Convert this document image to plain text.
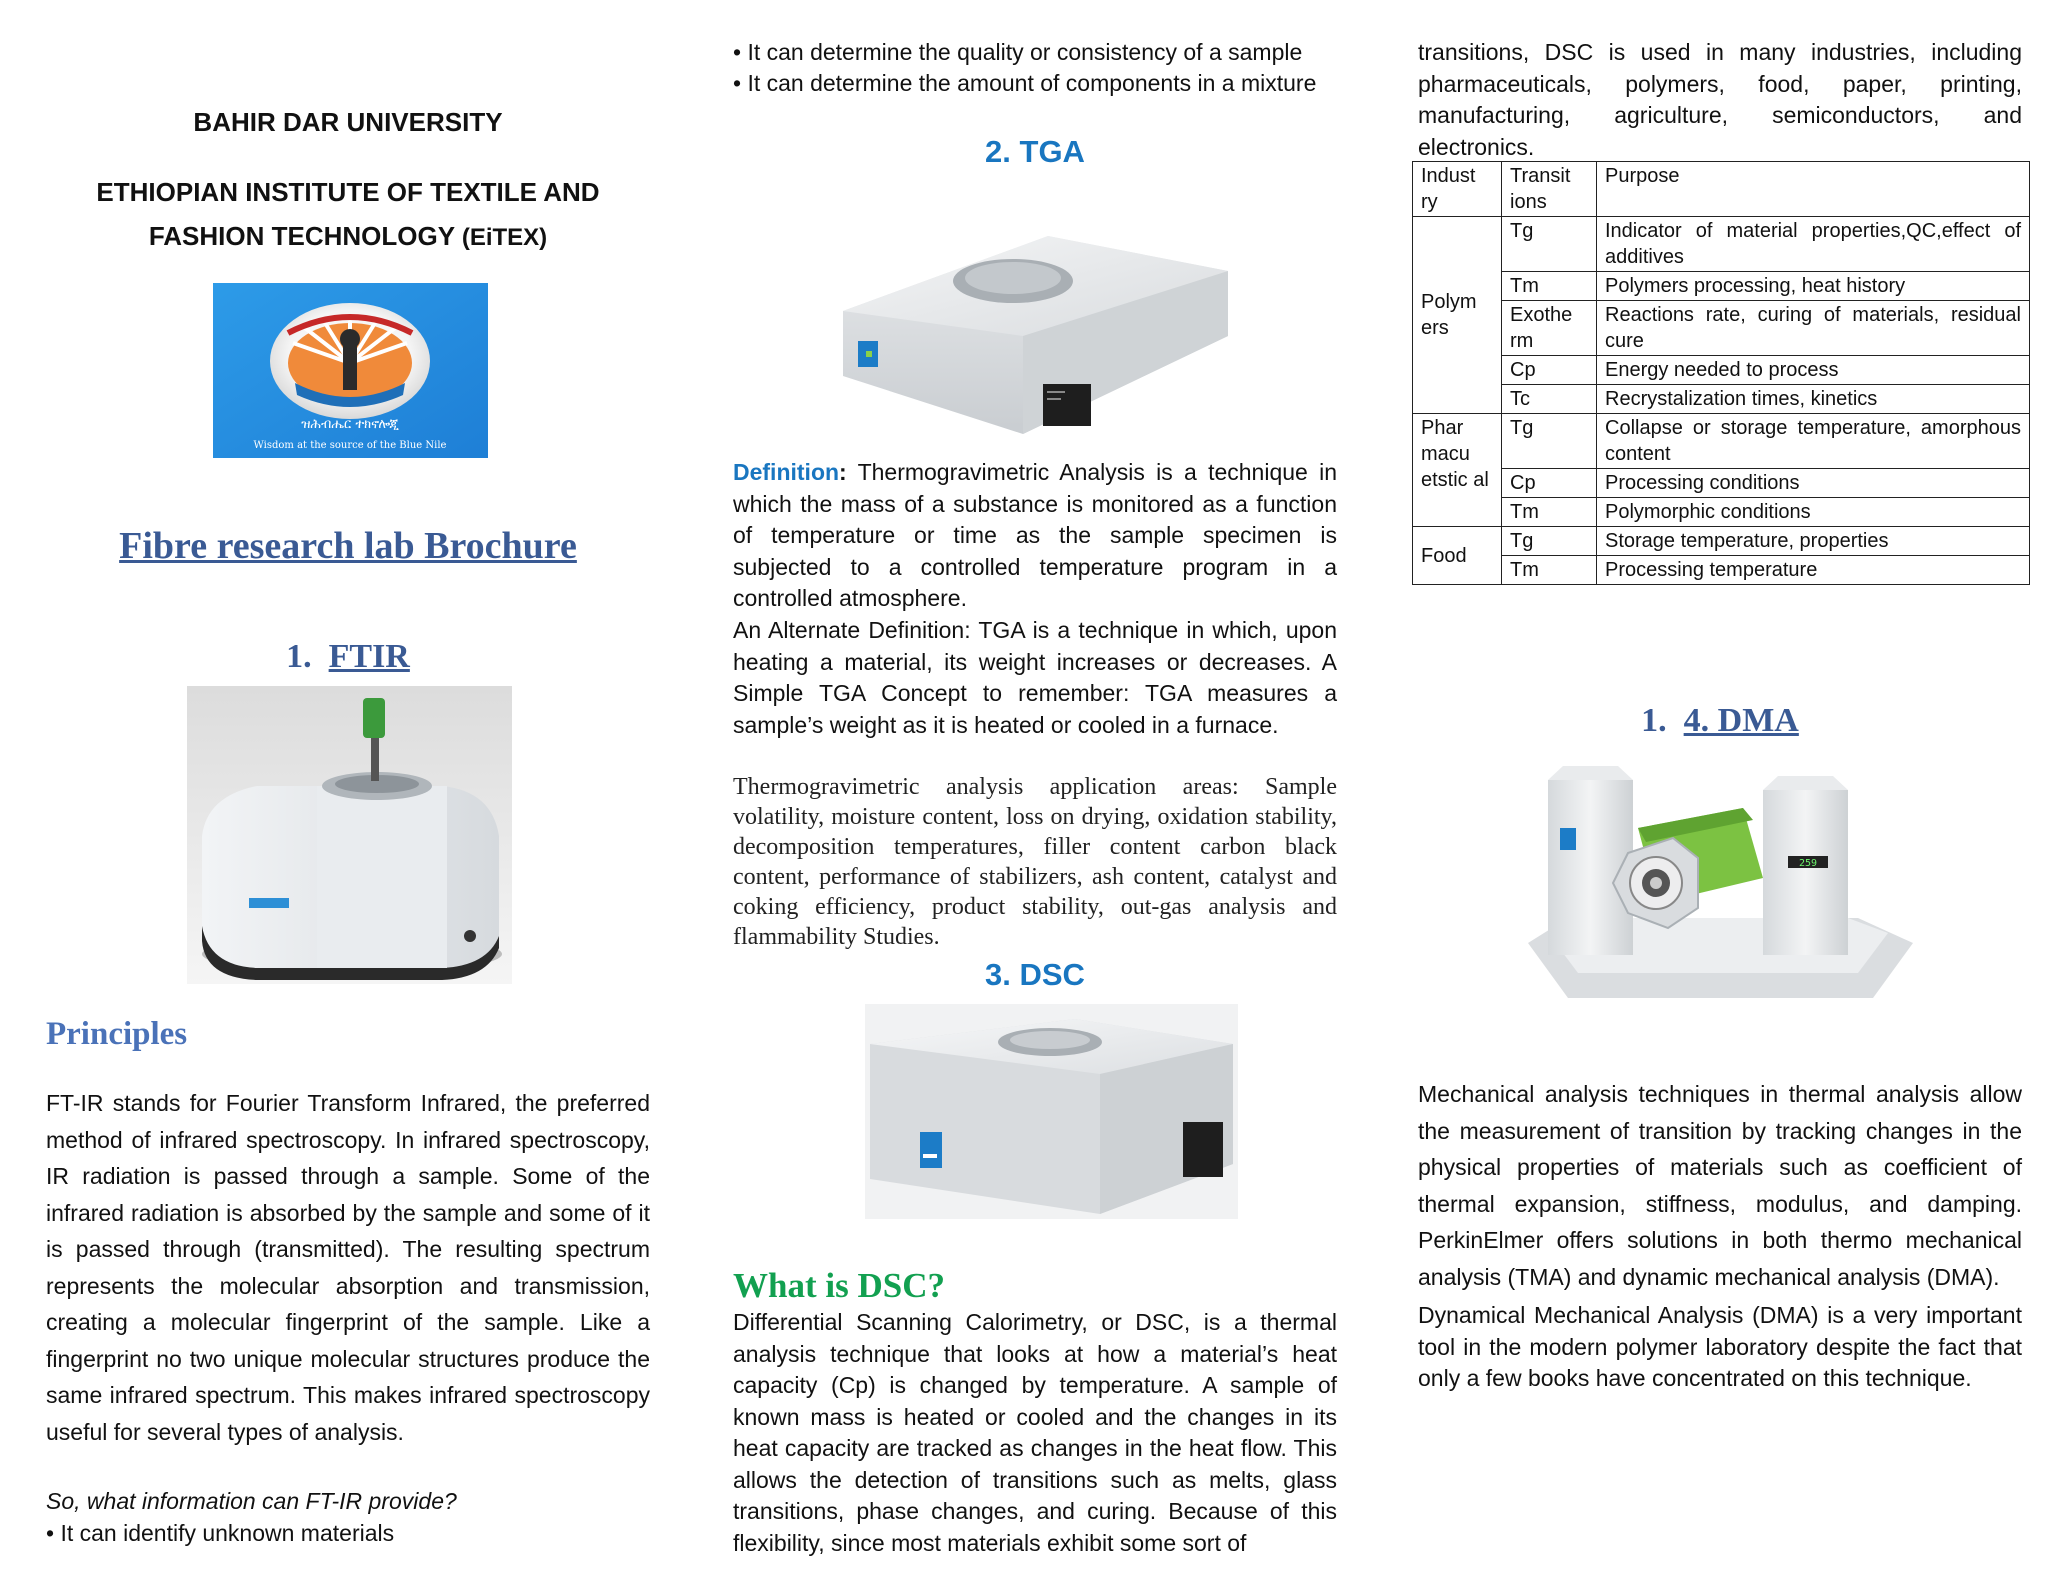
BAHIR DAR UNIVERSITY
ETHIOPIAN INSTITUTE OF TEXTILE AND
FASHION TECHNOLOGY (EiTEX)
ዝሕብሔር ተክኖሎጂ
Wisdom at the source of the Blue Nile
Fibre research lab Brochure
1. FTIR
Principles
FT-IR stands for Fourier Transform Infrared, the preferred method of infrared spectroscopy. In infrared spectroscopy, IR radiation is passed through a sample. Some of the infrared radiation is absorbed by the sample and some of it is passed through (transmitted). The resulting spectrum represents the molecular absorption and transmission, creating a molecular fingerprint of the sample. Like a fingerprint no two unique molecular structures produce the same infrared spectrum. This makes infrared spectroscopy useful for several types of analysis.
So, what information can FT-IR provide?
• It can identify unknown materials
• It can determine the quality or consistency of a sample
• It can determine the amount of components in a mixture
2. TGA
Definition: Thermogravimetric Analysis is a technique in which the mass of a substance is monitored as a function of temperature or time as the sample specimen is subjected to a controlled temperature program in a controlled atmosphere.
An Alternate Definition: TGA is a technique in which, upon heating a material, its weight increases or decreases. A Simple TGA Concept to remember: TGA measures a sample’s weight as it is heated or cooled in a furnace.
Thermogravimetric analysis application areas: Sample volatility, moisture content, loss on drying, oxidation stability, decomposition temperatures, filler content carbon black content, performance of stabilizers, ash content, catalyst and coking efficiency, product stability, out-gas analysis and flammability Studies.
3. DSC
What is DSC?
Differential Scanning Calorimetry, or DSC, is a thermal analysis technique that looks at how a material’s heat capacity (Cp) is changed by temperature. A sample of known mass is heated or cooled and the changes in its heat capacity are tracked as changes in the heat flow. This allows the detection of transitions such as melts, glass transitions, phase changes, and curing. Because of this flexibility, since most materials exhibit some sort of
transitions, DSC is used in many industries, including pharmaceuticals, polymers, food, paper, printing, manufacturing, agriculture, semiconductors, and electronics.
Indust ry	Transit ions	Purpose
Polym ers	Tg	Indicator of material properties,QC,effect of additives
	Tm	Polymers processing, heat history
	Exothe rm	Reactions rate, curing of materials, residual cure
	Cp	Energy needed to process
	Tc	Recrystalization times, kinetics
Phar macu etstic al	Tg	Collapse or storage temperature, amorphous content
	Cp	Processing conditions
	Tm	Polymorphic conditions
Food	Tg	Storage temperature, properties
	Tm	Processing temperature
1. 4. DMA
259
Mechanical analysis techniques in thermal analysis allow the measurement of transition by tracking changes in the physical properties of materials such as coefficient of thermal expansion, stiffness, modulus, and damping. PerkinElmer offers solutions in both thermo mechanical analysis (TMA) and dynamic mechanical analysis (DMA).
Dynamical Mechanical Analysis (DMA) is a very important tool in the modern polymer laboratory despite the fact that only a few books have concentrated on this technique.
